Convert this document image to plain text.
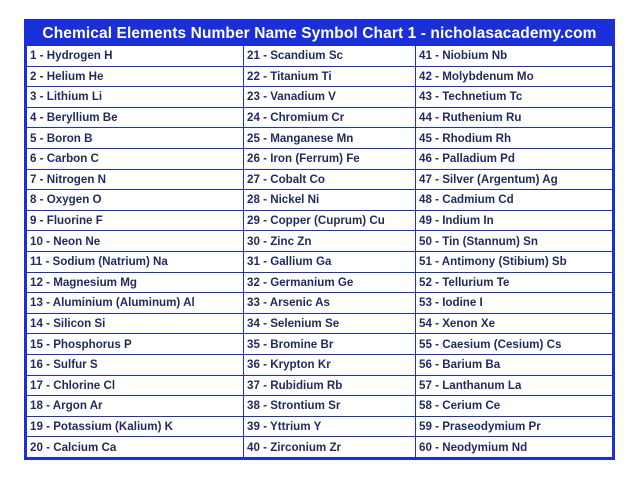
Chemical Elements Number Name Symbol Chart 1 - nicholasacademy.com
1 - Hydrogen H	21 - Scandium Sc	41 - Niobium Nb
2 - Helium He	22 - Titanium Ti	42 - Molybdenum Mo
3 - Lithium Li	23 - Vanadium V	43 - Technetium Tc
4 - Beryllium Be	24 - Chromium Cr	44 - Ruthenium Ru
5 - Boron B	25 - Manganese Mn	45 - Rhodium Rh
6 - Carbon C	26 - Iron (Ferrum) Fe	46 - Palladium Pd
7 - Nitrogen N	27 - Cobalt Co	47 - Silver (Argentum) Ag
8 - Oxygen O	28 - Nickel Ni	48 - Cadmium Cd
9 - Fluorine F	29 - Copper (Cuprum) Cu	49 - Indium In
10 - Neon Ne	30 - Zinc Zn	50 - Tin (Stannum) Sn
11 - Sodium (Natrium) Na	31 - Gallium Ga	51 - Antimony (Stibium) Sb
12 - Magnesium Mg	32 - Germanium Ge	52 - Tellurium Te
13 - Aluminium (Aluminum) Al	33 - Arsenic As	53 - Iodine I
14 - Silicon Si	34 - Selenium Se	54 - Xenon Xe
15 - Phosphorus P	35 - Bromine Br	55 - Caesium (Cesium) Cs
16 - Sulfur S	36 - Krypton Kr	56 - Barium Ba
17 - Chlorine Cl	37 - Rubidium Rb	57 - Lanthanum La
18 - Argon Ar	38 - Strontium Sr	58 - Cerium Ce
19 - Potassium (Kalium) K	39 - Yttrium Y	59 - Praseodymium Pr
20 - Calcium Ca	40 - Zirconium Zr	60 - Neodymium Nd
